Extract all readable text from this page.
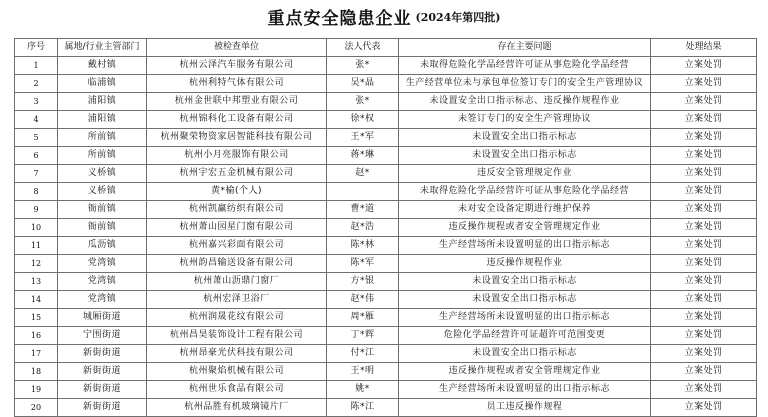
重点安全隐患企业 (2024年第四批)
序号	属地/行业主管部门	被检查单位	法人代表	存在主要问题	处理结果
1	戴村镇	杭州云泽汽车服务有限公司	张*	未取得危险化学品经营许可证从事危险化学品经营	立案处罚
2	临浦镇	杭州利特气体有限公司	吴*晶	生产经营单位未与承包单位签订专门的安全生产管理协议	立案处罚
3	浦阳镇	杭州金世联中邦塑业有限公司	张*	未设置安全出口指示标志、违反操作规程作业	立案处罚
4	浦阳镇	杭州锦科化工设备有限公司	徐*权	未签订专门的安全生产管理协议	立案处罚
5	所前镇	杭州聚荣物资家居智能科技有限公司	王*军	未设置安全出口指示标志	立案处罚
6	所前镇	杭州小月亮服饰有限公司	蒋*琳	未设置安全出口指示标志	立案处罚
7	义桥镇	杭州宇宏五金机械有限公司	赵*	违反安全管理规定作业	立案处罚
8	义桥镇	黄*榆(个人)		未取得危险化学品经营许可证从事危险化学品经营	立案处罚
9	衙前镇	杭州凯赢纺织有限公司	曹*道	未对安全设备定期进行维护保养	立案处罚
10	衙前镇	杭州萧山园星门窗有限公司	赵*浩	违反操作规程或者安全管理规定作业	立案处罚
11	瓜沥镇	杭州嘉兴彩面有限公司	陈*林	生产经营场所未设置明显的出口指示标志	立案处罚
12	党湾镇	杭州韵昌输送设备有限公司	陈*军	违反操作规程作业	立案处罚
13	党湾镇	杭州萧山沥鼎门窗厂	方*银	未设置安全出口指示标志	立案处罚
14	党湾镇	杭州宏泽卫浴厂	赵*伟	未设置安全出口指示标志	立案处罚
15	城厢街道	杭州润晟花纹有限公司	周*雁	生产经营场所未设置明显的出口指示标志	立案处罚
16	宁围街道	杭州昌昊装饰设计工程有限公司	丁*辉	危险化学品经营许可证超许可范围变更	立案处罚
17	新街街道	杭州昂豪光伏科技有限公司	付*江	未设置安全出口指示标志	立案处罚
18	新街街道	杭州聚焰机械有限公司	王*明	违反操作规程或者安全管理规定作业	立案处罚
19	新街街道	杭州世乐食品有限公司	姚*	生产经营场所未设置明显的出口指示标志	立案处罚
20	新街街道	杭州品胜有机玻璃镜片厂	陈*江	员工违反操作规程	立案处罚
